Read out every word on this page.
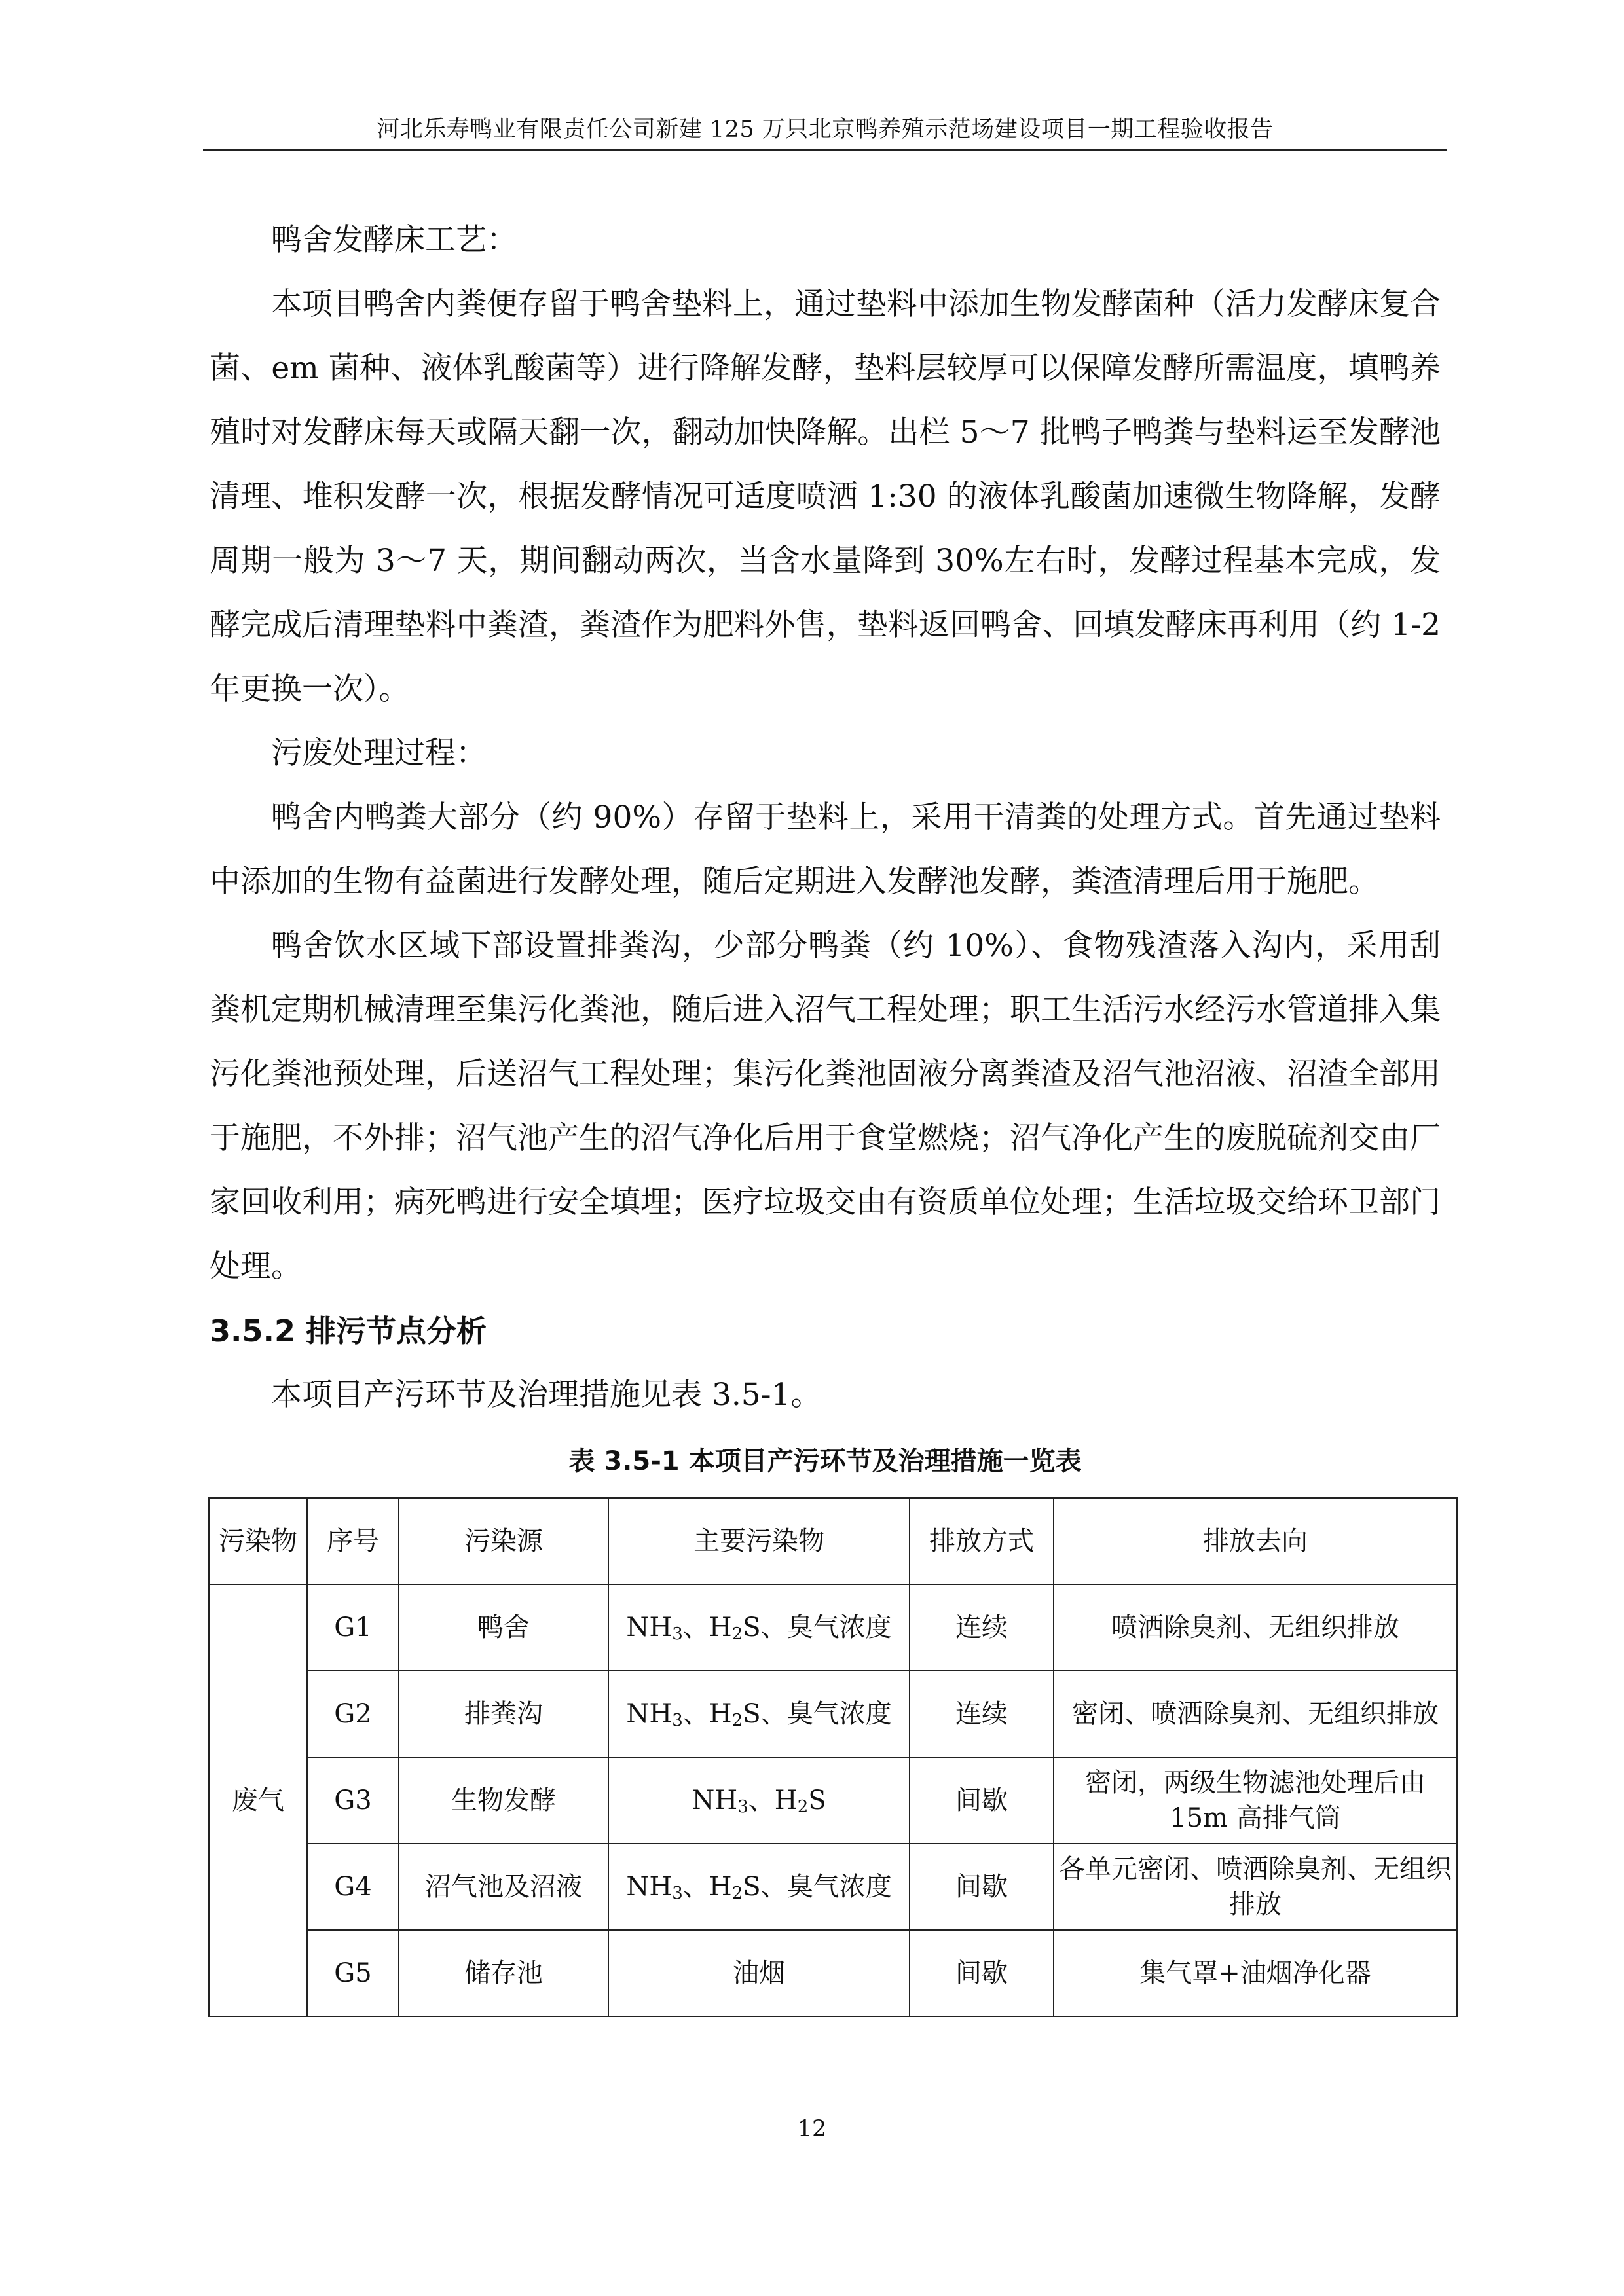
河北乐寿鸭业有限责任公司新建 125 万只北京鸭养殖示范场建设项目一期工程验收报告

鸭舍发酵床工艺：

本项目鸭舍内粪便存留于鸭舍垫料上，通过垫料中添加生物发酵菌种（活力发酵床复合菌、em 菌种、液体乳酸菌等）进行降解发酵，垫料层较厚可以保障发酵所需温度，填鸭养殖时对发酵床每天或隔天翻一次，翻动加快降解。出栏 5～7 批鸭子鸭粪与垫料运至发酵池清理、堆积发酵一次，根据发酵情况可适度喷洒 1:30 的液体乳酸菌加速微生物降解，发酵周期一般为 3～7 天，期间翻动两次，当含水量降到 30%左右时，发酵过程基本完成，发酵完成后清理垫料中粪渣，粪渣作为肥料外售，垫料返回鸭舍、回填发酵床再利用（约 1-2 年更换一次）。

污废处理过程：

鸭舍内鸭粪大部分（约 90%）存留于垫料上，采用干清粪的处理方式。首先通过垫料中添加的生物有益菌进行发酵处理，随后定期进入发酵池发酵，粪渣清理后用于施肥。

鸭舍饮水区域下部设置排粪沟，少部分鸭粪（约 10%）、食物残渣落入沟内，采用刮粪机定期机械清理至集污化粪池，随后进入沼气工程处理；职工生活污水经污水管道排入集污化粪池预处理，后送沼气工程处理；集污化粪池固液分离粪渣及沼气池沼液、沼渣全部用于施肥，不外排；沼气池产生的沼气净化后用于食堂燃烧；沼气净化产生的废脱硫剂交由厂家回收利用；病死鸭进行安全填埋；医疗垃圾交由有资质单位处理；生活垃圾交给环卫部门处理。

3.5.2 排污节点分析

本项目产污环节及治理措施见表 3.5-1。

表 3.5-1 本项目产污环节及治理措施一览表
污染物	序号	污染源	主要污染物	排放方式	排放去向
废气	G1	鸭舍	$NH_3$、$H_2S$、臭气浓度	连续	喷洒除臭剂、无组织排放
	G2	排粪沟	$NH_3$、$H_2S$、臭气浓度	连续	密闭、喷洒除臭剂、无组织排放
	G3	生物发酵	$NH_3$、$H_2S$	间歇	密闭，两级生物滤池处理后由 15m 高排气筒
	G4	沼气池及沼液	$NH_3$、$H_2S$、臭气浓度	间歇	各单元密闭、喷洒除臭剂、无组织排放
	G5	储存池	油烟	间歇	集气罩+油烟净化器
12
